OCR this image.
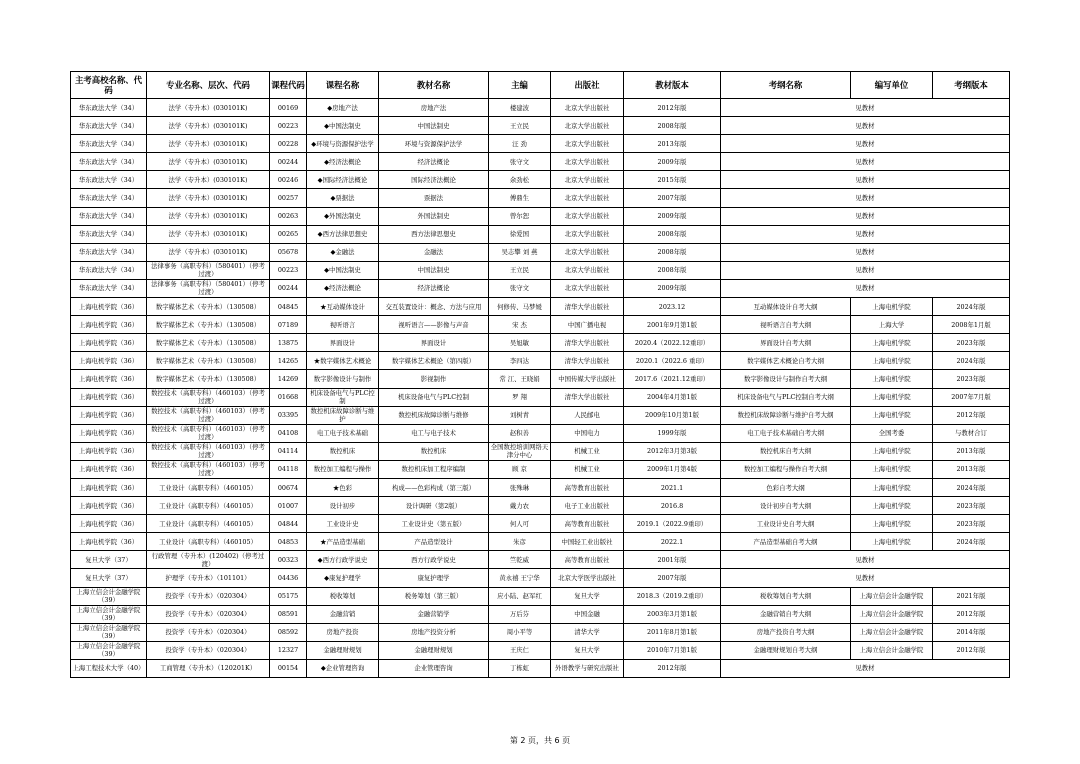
主考高校名称、代码	专业名称、层次、代码	课程代码	课程名称	教材名称	主编	出版社	教材版本	考纲名称	编写单位	考纲版本
华东政法大学（34）	法学（专升本）(030101K)	00169	◆房地产法	房地产法	楼建波	北京大学出版社	2012年版	见教材		
华东政法大学（34）	法学（专升本）(030101K)	00223	◆中国法制史	中国法制史	王立民	北京大学出版社	2008年版	见教材		
华东政法大学（34）	法学（专升本）(030101K)	00228	◆环境与资源保护法学	环境与资源保护法学	汪 劲	北京大学出版社	2013年版	见教材		
华东政法大学（34）	法学（专升本）(030101K)	00244	◆经济法概论	经济法概论	张守文	北京大学出版社	2009年版	见教材		
华东政法大学（34）	法学（专升本）(030101K)	00246	◆国际经济法概论	国际经济法概论	余劲松	北京大学出版社	2015年版	见教材		
华东政法大学（34）	法学（专升本）(030101K)	00257	◆票据法	票据法	傅鼎生	北京大学出版社	2007年版	见教材		
华东政法大学（34）	法学（专升本）(030101K)	00263	◆外国法制史	外国法制史	曾尔恕	北京大学出版社	2009年版	见教材		
华东政法大学（34）	法学（专升本）(030101K)	00265	◆西方法律思想史	西方法律思想史	徐爱国	北京大学出版社	2008年版	见教材		
华东政法大学（34）	法学（专升本）(030101K)	05678	◆金融法	金融法	吴志攀 刘 燕	北京大学出版社	2008年版	见教材		
华东政法大学（34）	法律事务（高职专科）（580401）（停考过渡）	00223	◆中国法制史	中国法制史	王立民	北京大学出版社	2008年版	见教材		
华东政法大学（34）	法律事务（高职专科）（580401）（停考过渡）	00244	◆经济法概论	经济法概论	张守文	北京大学出版社	2009年版	见教材		
上海电机学院（36）	数字媒体艺术（专升本）（130508）	04845	★互动媒体设计	交互装置设计：概念、方法与应用	何修传、马梦媛	清华大学出版社	2023.12	互动媒体设计自考大纲	上海电机学院	2024年版
上海电机学院（36）	数字媒体艺术（专升本）（130508）	07189	视听语言	视听语言——影像与声音	宋 杰	中国广播电视	2001年9月第1版	视听语言自考大纲	上海大学	2008年1月版
上海电机学院（36）	数字媒体艺术（专升本）（130508）	13875	界面设计	界面设计	吴旭敏	清华大学出版社	2020.4（2022.12重印）	界面设计自考大纲	上海电机学院	2023年版
上海电机学院（36）	数字媒体艺术（专升本）（130508）	14265	★数字媒体艺术概论	数字媒体艺术概论（第四版）	李四达	清华大学出版社	2020.1（2022.6 重印）	数字媒体艺术概论自考大纲	上海电机学院	2024年版
上海电机学院（36）	数字媒体艺术（专升本）（130508）	14269	数字影像设计与制作	影视制作	常 江、王晓娟	中国传媒大学出版社	2017.6（2021.12重印）	数字影像设计与制作自考大纲	上海电机学院	2023年版
上海电机学院（36）	数控技术（高职专科）（460103）（停考过渡）	01668	机床设备电气与PLC控制	机床设备电气与PLC控制	罗 翔	清华大学出版社	2004年4月第1版	机床设备电气与PLC控制自考大纲	上海电机学院	2007年7月版
上海电机学院（36）	数控技术（高职专科）（460103）（停考过渡）	03395	数控机床故障诊断与维护	数控机床故障诊断与维修	刘树青	人民邮电	2009年10月第1版	数控机床故障诊断与维护自考大纲	上海电机学院	2012年版
上海电机学院（36）	数控技术（高职专科）（460103）（停考过渡）	04108	电工电子技术基础	电工与电子技术	赵积善	中国电力	1999年版	电工电子技术基础自考大纲	全国考委	与教材合订
上海电机学院（36）	数控技术（高职专科）（460103）（停考过渡）	04114	数控机床	数控机床	全国数控培训网络天津分中心	机械工业	2012年3月第3版	数控机床自考大纲	上海电机学院	2013年版
上海电机学院（36）	数控技术（高职专科）（460103）（停考过渡）	04118	数控加工编程与操作	数控机床加工程序编制	顾 京	机械工业	2009年1月第4版	数控加工编程与操作自考大纲	上海电机学院	2013年版
上海电机学院（36）	工业设计（高职专科）（460105）	00674	★色彩	构成——色彩构成（第三版）	张殊琳	高等教育出版社	2021.1	色彩自考大纲	上海电机学院	2024年版
上海电机学院（36）	工业设计（高职专科）（460105）	01007	设计初步	设计调研（第2版）	戴力农	电子工业出版社	2016.8	设计初步自考大纲	上海电机学院	2023年版
上海电机学院（36）	工业设计（高职专科）（460105）	04844	工业设计史	工业设计史（第五版）	何人可	高等教育出版社	2019.1（2022.9重印）	工业设计史自考大纲	上海电机学院	2023年版
上海电机学院（36）	工业设计（高职专科）（460105）	04853	★产品造型基础	产品造型设计	朱彦	中国轻工业出版社	2022.1	产品造型基础自考大纲	上海电机学院	2024年版
复旦大学（37）	行政管理（专升本）(120402)（停考过渡）	00323	◆西方行政学说史	西方行政学说史	竺乾威	高等教育出版社	2001年版	见教材		
复旦大学（37）	护理学（专升本）（101101）	04436	◆康复护理学	康复护理学	黄永禧 王宁华	北京大学医学出版社	2007年版	见教材		
上海立信会计金融学院（39）	投资学（专升本）（020304）	05175	税收筹划	税务筹划（第三版）	应小陆、赵军红	复旦大学	2018.3（2019.2重印）	税收筹划自考大纲	上海立信会计金融学院	2021年版
上海立信会计金融学院（39）	投资学（专升本）（020304）	08591	金融营销	金融营销学	万后芬	中国金融	2003年3月第1版	金融营销自考大纲	上海立信会计金融学院	2012年版
上海立信会计金融学院（39）	投资学（专升本）（020304）	08592	房地产投资	房地产投资分析	周小平等	清华大学	2011年8月第1版	房地产投资自考大纲	上海立信会计金融学院	2014年版
上海立信会计金融学院（39）	投资学（专升本）（020304）	12327	金融理财规划	金融理财规划	王庆仁	复旦大学	2010年7月第1版	金融理财规划自考大纲	上海立信会计金融学院	2012年版
上海工程技术大学（40）	工商管理（专升本）（120201K）	00154	◆企业管理咨询	企业管理咨询	丁栋虹	外语教学与研究出版社	2012年版	见教材		
第 2 页，共 6 页
